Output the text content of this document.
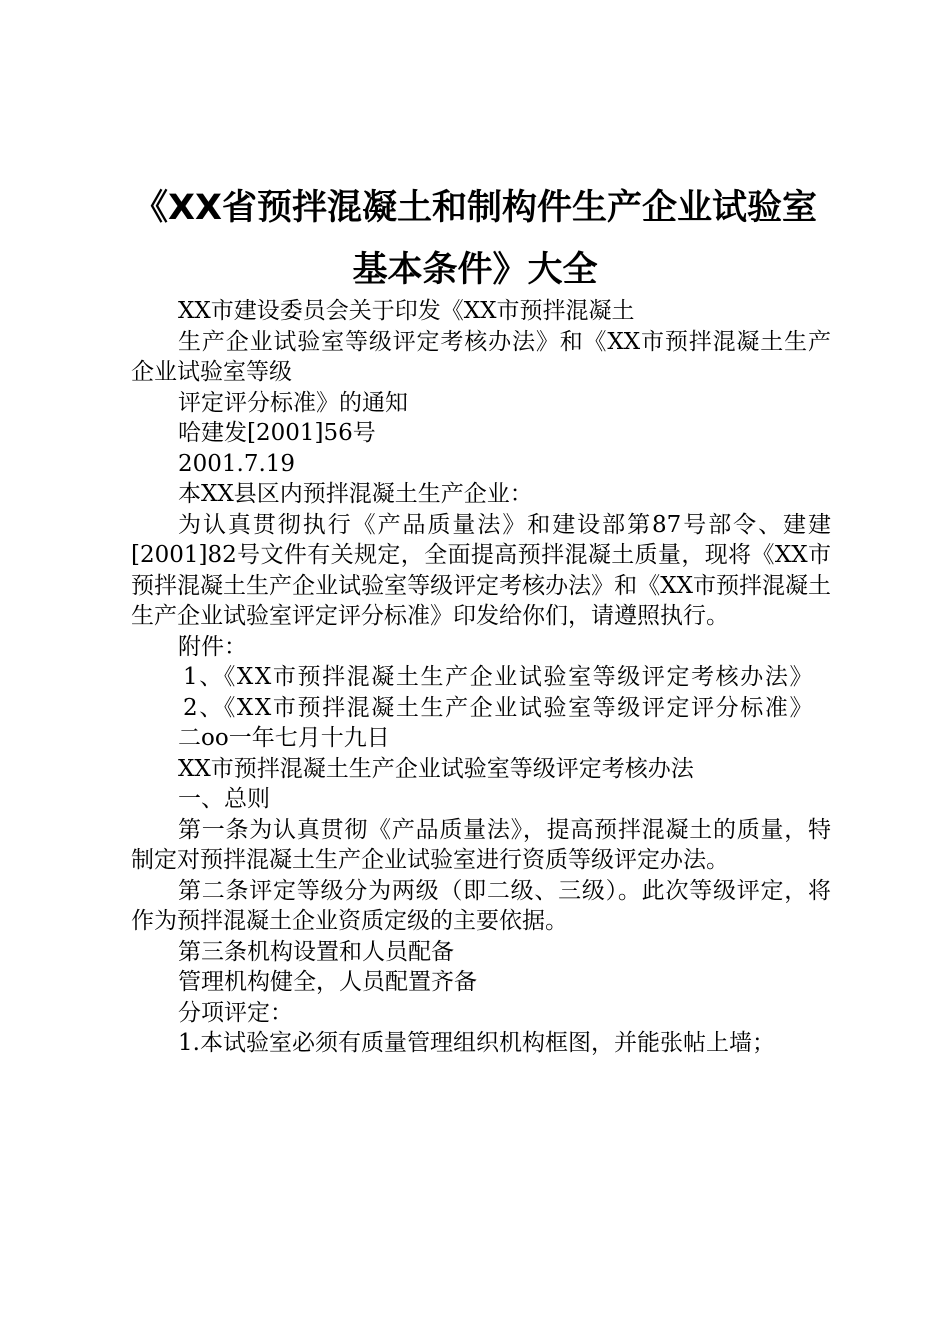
《XX省预拌混凝土和制构件生产企业试验室
基本条件》大全

XX市建设委员会关于印发《XX市预拌混凝土

生产企业试验室等级评定考核办法》和《XX市预拌混凝土生产企业试验室等级

评定评分标准》的通知

哈建发[2001]56号

2001.7.19

本XX县区内预拌混凝土生产企业：

为认真贯彻执行《产品质量法》和建设部第87号部令、建建[2001]82号文件有关规定，全面提高预拌混凝土质量，现将《XX市预拌混凝土生产企业试验室等级评定考核办法》和《XX市预拌混凝土生产企业试验室评定评分标准》印发给你们，请遵照执行。

附件：

1、《XX市预拌混凝土生产企业试验室等级评定考核办法》

2、《XX市预拌混凝土生产企业试验室等级评定评分标准》

二oo一年七月十九日

XX市预拌混凝土生产企业试验室等级评定考核办法

一、总则

第一条为认真贯彻《产品质量法》，提高预拌混凝土的质量，特制定对预拌混凝土生产企业试验室进行资质等级评定办法。

第二条评定等级分为两级（即二级、三级）。此次等级评定，将作为预拌混凝土企业资质定级的主要依据。

第三条机构设置和人员配备

管理机构健全，人员配置齐备

分项评定：

1.本试验室必须有质量管理组织机构框图，并能张帖上墙；
